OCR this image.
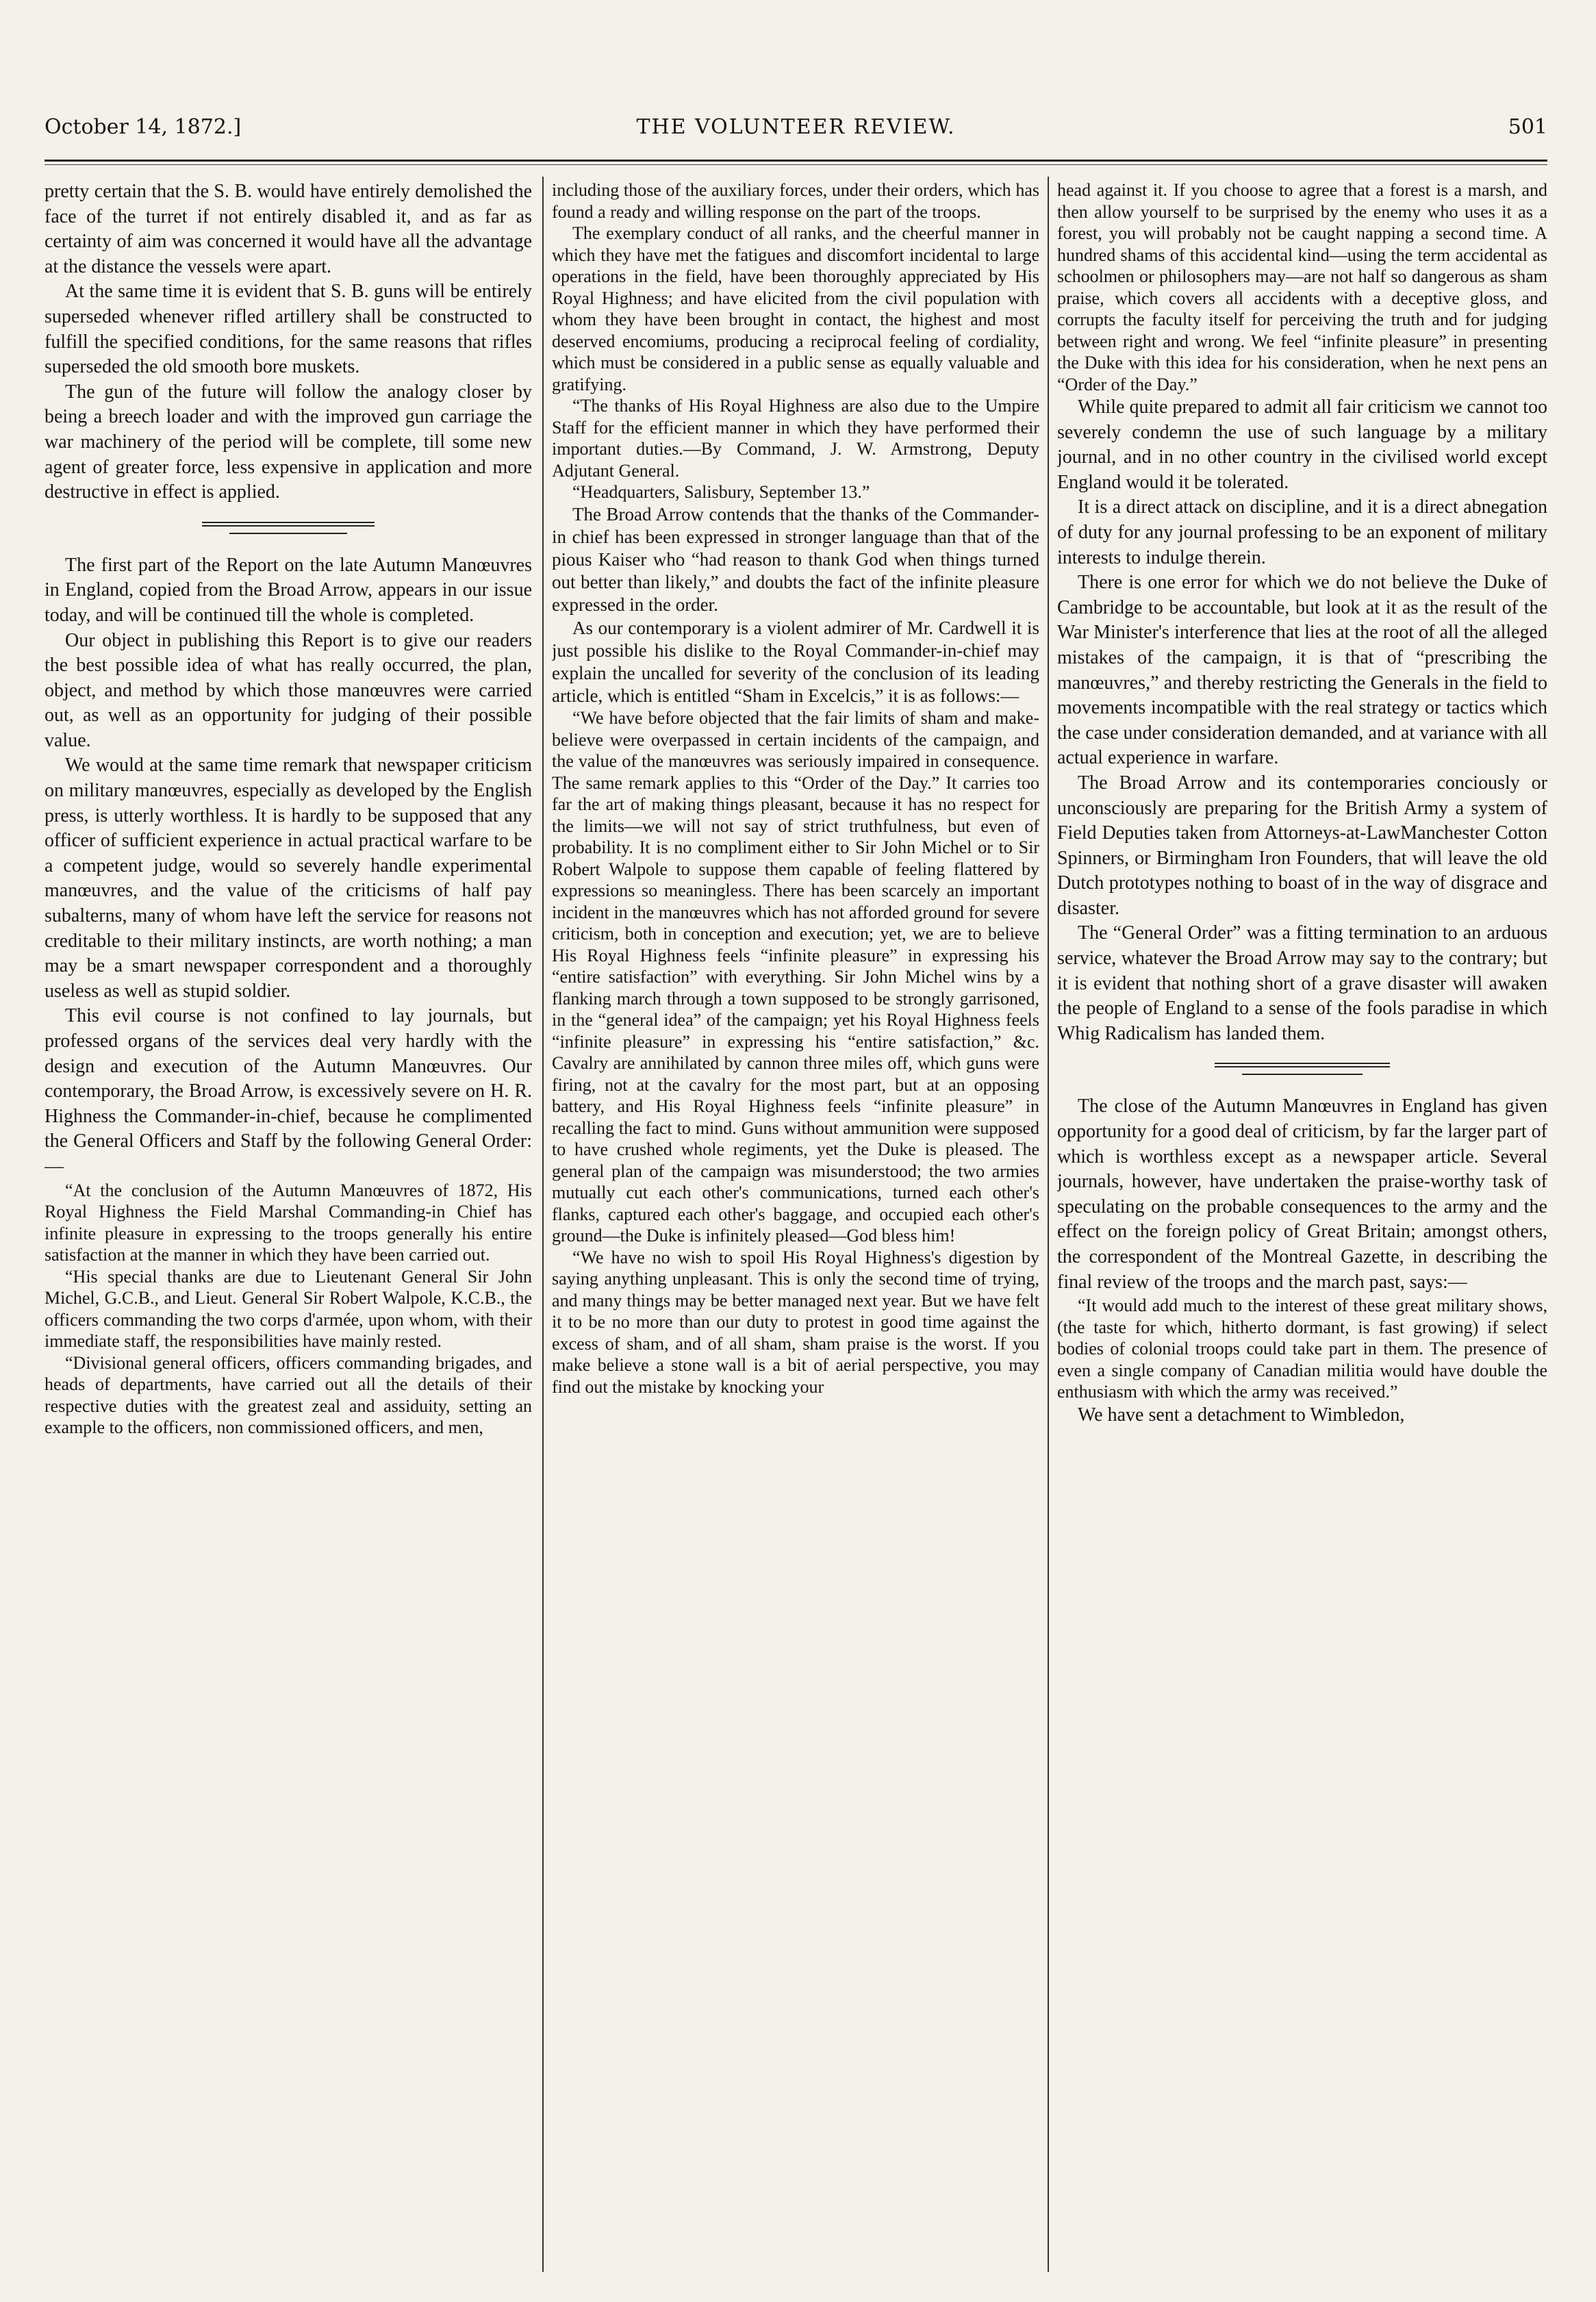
October 14, 1872.]	THE VOLUNTEER REVIEW.	501

pretty certain that the S. B. would have entirely demolished the face of the turret if not entirely disabled it, and as far as certainty of aim was concerned it would have all the advantage at the distance the vessels were apart.

At the same time it is evident that S. B. guns will be entirely superseded whenever rifled artillery shall be constructed to fulfill the specified conditions, for the same reasons that rifles superseded the old smooth bore muskets.

The gun of the future will follow the analogy closer by being a breech loader and with the improved gun carriage the war machinery of the period will be complete, till some new agent of greater force, less expensive in application and more destructive in effect is applied.

The first part of the Report on the late Autumn Manœuvres in England, copied from the Broad Arrow, appears in our issue today, and will be continued till the whole is completed.

Our object in publishing this Report is to give our readers the best possible idea of what has really occurred, the plan, object, and method by which those manœuvres were carried out, as well as an opportunity for judging of their possible value.

We would at the same time remark that newspaper criticism on military manœuvres, especially as developed by the English press, is utterly worthless. It is hardly to be supposed that any officer of sufficient experience in actual practical warfare to be a competent judge, would so severely handle experimental manœuvres, and the value of the criticisms of half pay subalterns, many of whom have left the service for reasons not creditable to their military instincts, are worth nothing; a man may be a smart newspaper correspondent and a thoroughly useless as well as stupid soldier.

This evil course is not confined to lay journals, but professed organs of the services deal very hardly with the design and execution of the Autumn Manœuvres. Our contemporary, the Broad Arrow, is excessively severe on H. R. Highness the Commander-in-chief, because he complimented the General Officers and Staff by the following General Order:—

“At the conclusion of the Autumn Manœuvres of 1872, His Royal Highness the Field Marshal Commanding-in Chief has infinite pleasure in expressing to the troops generally his entire satisfaction at the manner in which they have been carried out.

“His special thanks are due to Lieutenant General Sir John Michel, G.C.B., and Lieut. General Sir Robert Walpole, K.C.B., the officers commanding the two corps d'armée, upon whom, with their immediate staff, the responsibilities have mainly rested.

“Divisional general officers, officers commanding brigades, and heads of departments, have carried out all the details of their respective duties with the greatest zeal and assiduity, setting an example to the officers, non commissioned officers, and men,

including those of the auxiliary forces, under their orders, which has found a ready and willing response on the part of the troops.

The exemplary conduct of all ranks, and the cheerful manner in which they have met the fatigues and discomfort incidental to large operations in the field, have been thoroughly appreciated by His Royal Highness; and have elicited from the civil population with whom they have been brought in contact, the highest and most deserved encomiums, producing a reciprocal feeling of cordiality, which must be considered in a public sense as equally valuable and gratifying.

“The thanks of His Royal Highness are also due to the Umpire Staff for the efficient manner in which they have performed their important duties.—By Command, J. W. Armstrong, Deputy Adjutant General.

“Headquarters, Salisbury, September 13.”

The Broad Arrow contends that the thanks of the Commander-in chief has been expressed in stronger language than that of the pious Kaiser who “had reason to thank God when things turned out better than likely,” and doubts the fact of the infinite pleasure expressed in the order.

As our contemporary is a violent admirer of Mr. Cardwell it is just possible his dislike to the Royal Commander-in-chief may explain the uncalled for severity of the conclusion of its leading article, which is entitled “Sham in Excelcis,” it is as follows:—

“We have before objected that the fair limits of sham and make-believe were overpassed in certain incidents of the campaign, and the value of the manœuvres was seriously impaired in consequence. The same remark applies to this “Order of the Day.” It carries too far the art of making things pleasant, because it has no respect for the limits—we will not say of strict truthfulness, but even of probability. It is no compliment either to Sir John Michel or to Sir Robert Walpole to suppose them capable of feeling flattered by expressions so meaningless. There has been scarcely an important incident in the manœuvres which has not afforded ground for severe criticism, both in conception and execution; yet, we are to believe His Royal Highness feels “infinite pleasure” in expressing his “entire satisfaction” with everything. Sir John Michel wins by a flanking march through a town supposed to be strongly garrisoned, in the “general idea” of the campaign; yet his Royal Highness feels “infinite pleasure” in expressing his “entire satisfaction,” &c. Cavalry are annihilated by cannon three miles off, which guns were firing, not at the cavalry for the most part, but at an opposing battery, and His Royal Highness feels “infinite pleasure” in recalling the fact to mind. Guns without ammunition were supposed to have crushed whole regiments, yet the Duke is pleased. The general plan of the campaign was misunderstood; the two armies mutually cut each other's communications, turned each other's flanks, captured each other's baggage, and occupied each other's ground—the Duke is infinitely pleased—God bless him!

“We have no wish to spoil His Royal Highness's digestion by saying anything unpleasant. This is only the second time of trying, and many things may be better managed next year. But we have felt it to be no more than our duty to protest in good time against the excess of sham, and of all sham, sham praise is the worst. If you make believe a stone wall is a bit of aerial perspective, you may find out the mistake by knocking your

head against it. If you choose to agree that a forest is a marsh, and then allow yourself to be surprised by the enemy who uses it as a forest, you will probably not be caught napping a second time. A hundred shams of this accidental kind—using the term accidental as schoolmen or philosophers may—are not half so dangerous as sham praise, which covers all accidents with a deceptive gloss, and corrupts the faculty itself for perceiving the truth and for judging between right and wrong. We feel “infinite pleasure” in presenting the Duke with this idea for his consideration, when he next pens an “Order of the Day.”

While quite prepared to admit all fair criticism we cannot too severely condemn the use of such language by a military journal, and in no other country in the civilised world except England would it be tolerated.

It is a direct attack on discipline, and it is a direct abnegation of duty for any journal professing to be an exponent of military interests to indulge therein.

There is one error for which we do not believe the Duke of Cambridge to be accountable, but look at it as the result of the War Minister's interference that lies at the root of all the alleged mistakes of the campaign, it is that of “prescribing the manœuvres,” and thereby restricting the Generals in the field to movements incompatible with the real strategy or tactics which the case under consideration demanded, and at variance with all actual experience in warfare.

The Broad Arrow and its contemporaries conciously or unconsciously are preparing for the British Army a system of Field Deputies taken from Attorneys-at-LawManchester Cotton Spinners, or Birmingham Iron Founders, that will leave the old Dutch prototypes nothing to boast of in the way of disgrace and disaster.

The “General Order” was a fitting termination to an arduous service, whatever the Broad Arrow may say to the contrary; but it is evident that nothing short of a grave disaster will awaken the people of England to a sense of the fools paradise in which Whig Radicalism has landed them.

The close of the Autumn Manœuvres in England has given opportunity for a good deal of criticism, by far the larger part of which is worthless except as a newspaper article. Several journals, however, have undertaken the praise-worthy task of speculating on the probable consequences to the army and the effect on the foreign policy of Great Britain; amongst others, the correspondent of the Montreal Gazette, in describing the final review of the troops and the march past, says:—

“It would add much to the interest of these great military shows, (the taste for which, hitherto dormant, is fast growing) if select bodies of colonial troops could take part in them. The presence of even a single company of Canadian militia would have double the enthusiasm with which the army was received.”

We have sent a detachment to Wimbledon,
